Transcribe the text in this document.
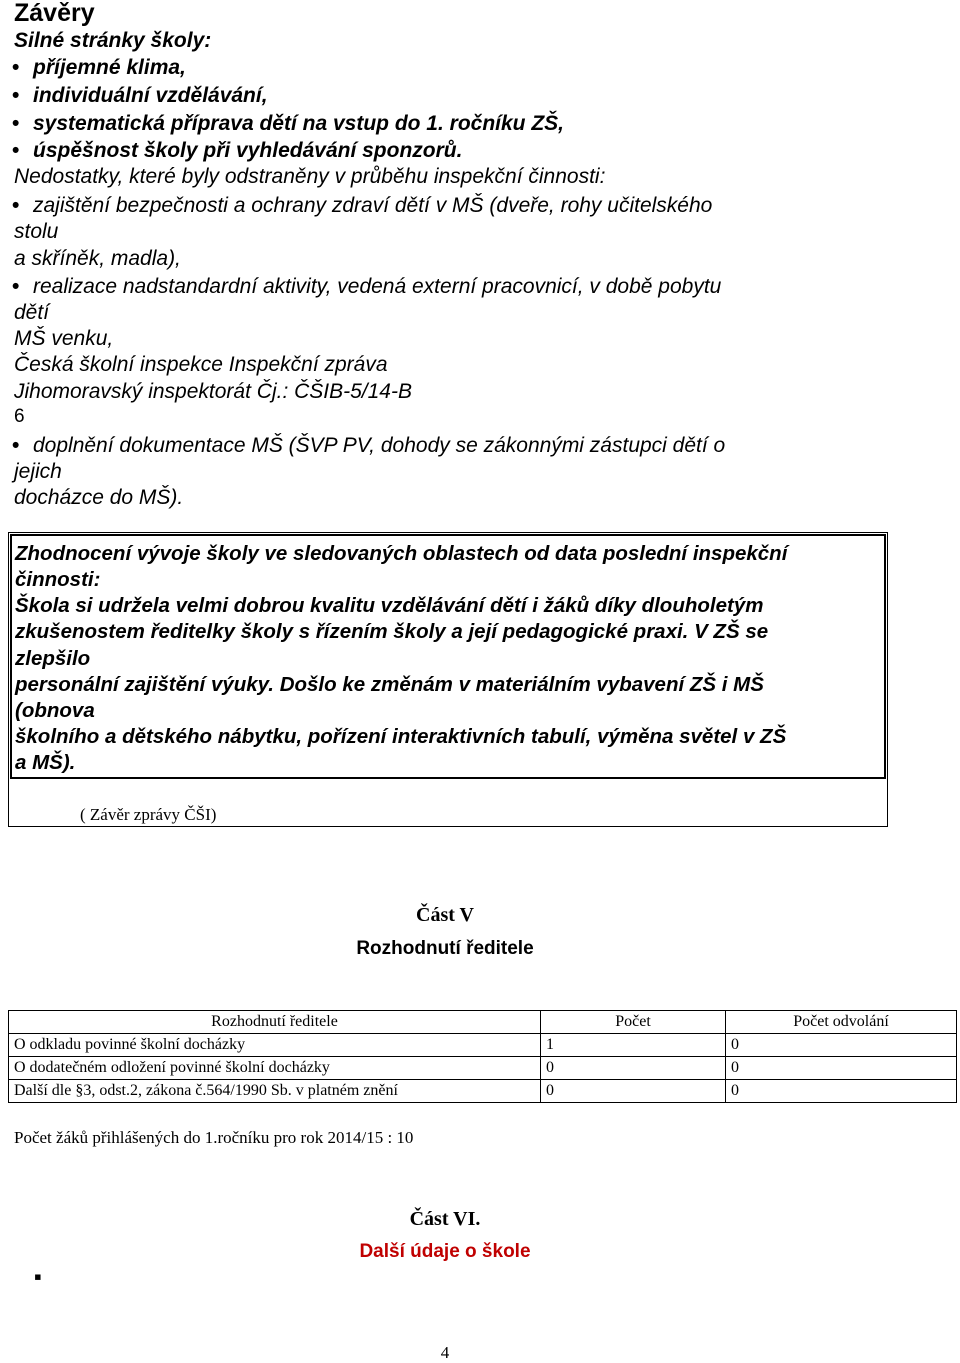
Závěry
Silné stránky školy:
• příjemné klima,
• individuální vzdělávání,
• systematická příprava dětí na vstup do 1. ročníku ZŠ,
• úspěšnost školy při vyhledávání sponzorů.
Nedostatky, které byly odstraněny v průběhu inspekční činnosti:
• zajištění bezpečnosti a ochrany zdraví dětí v MŠ (dveře, rohy učitelského
stolu
a skříněk, madla),
• realizace nadstandardní aktivity, vedená externí pracovnicí, v době pobytu
dětí
MŠ venku,
Česká školní inspekce Inspekční zpráva
Jihomoravský inspektorát Čj.: ČŠIB-5/14-B
6
• doplnění dokumentace MŠ (ŠVP PV, dohody se zákonnými zástupci dětí o
jejich
docházce do MŠ).
Zhodnocení vývoje školy ve sledovaných oblastech od data poslední inspekční
činnosti:
Škola si udržela velmi dobrou kvalitu vzdělávání dětí i žáků díky dlouholetým
zkušenostem ředitelky školy s řízením školy a její pedagogické praxi. V ZŠ se
zlepšilo
personální zajištění výuky. Došlo ke změnám v materiálním vybavení ZŠ i MŠ
(obnova
školního a dětského nábytku, pořízení interaktivních tabulí, výměna světel v ZŠ
a MŠ).
( Závěr zprávy ČŠI)
Část V
Rozhodnutí ředitele
Rozhodnutí ředitele	Počet	Počet odvolání
O odkladu povinné školní docházky	1	0
O dodatečném odložení povinné školní docházky	0	0
Další dle §3, odst.2, zákona č.564/1990 Sb. v platném znění	0	0
Počet žáků přihlášených do 1.ročníku pro rok 2014/15 : 10
Část VI.
Další údaje o škole
▪
4
